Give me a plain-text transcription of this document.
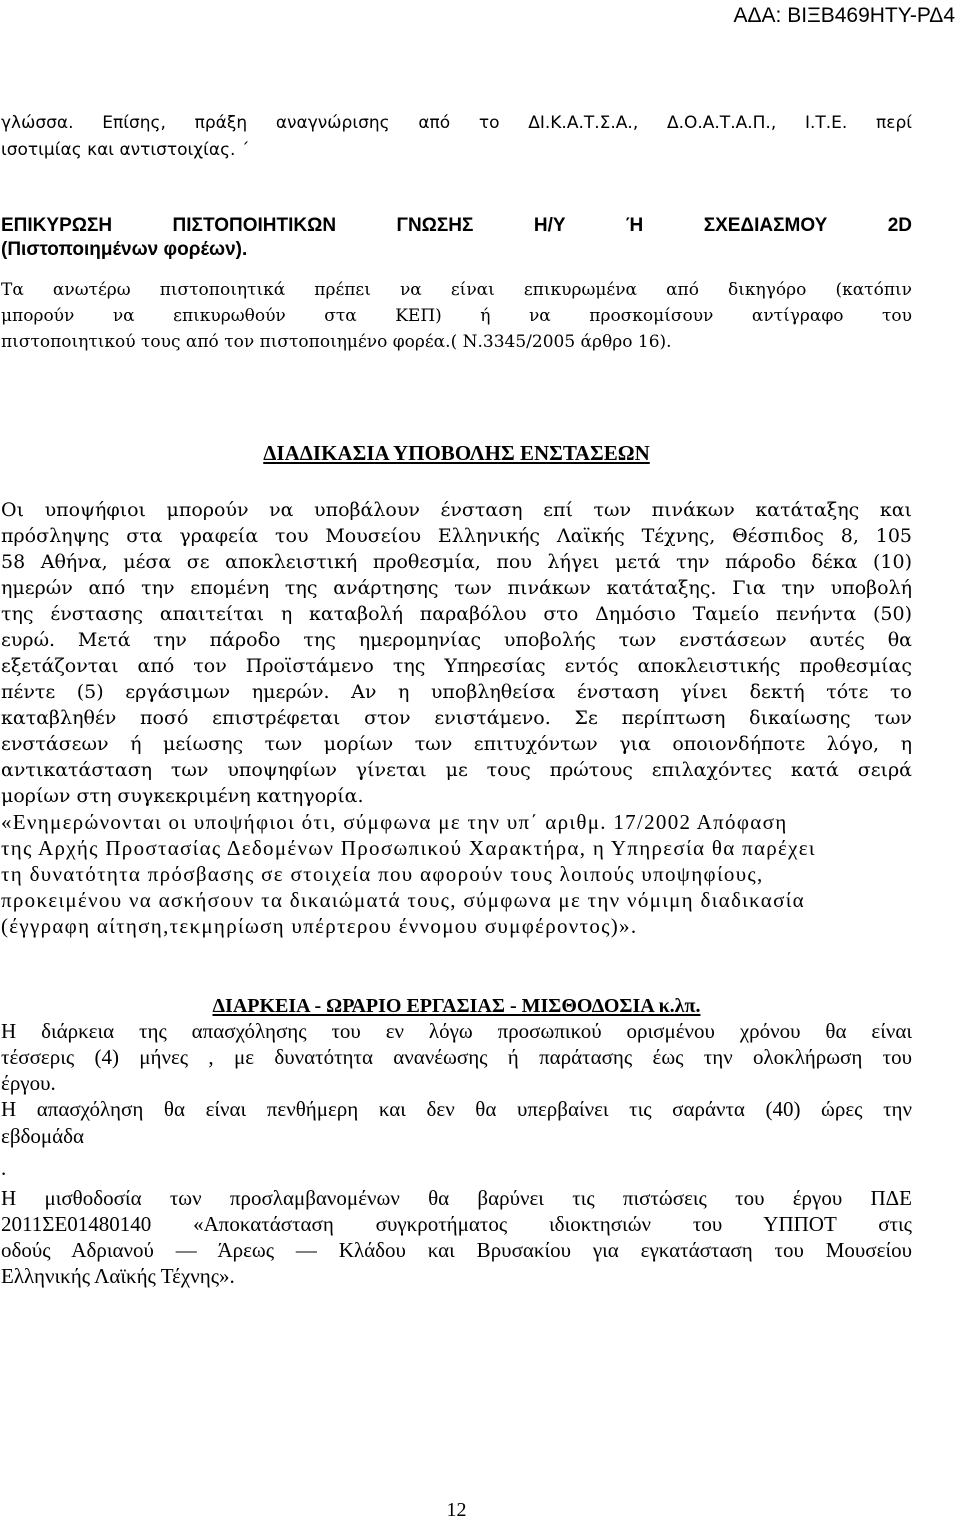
ΑΔΑ: ΒΙΞΒ469ΗΤΥ-ΡΔ4
γλώσσα. Επίσης, πράξη αναγνώρισης από το ΔΙ.Κ.Α.Τ.Σ.Α., Δ.Ο.Α.Τ.Α.Π., Ι.Τ.Ε. περί
ισοτιμίας και αντιστοιχίας. ΄
ΕΠΙΚΥΡΩΣΗ ΠΙΣΤΟΠΟΙΗΤΙΚΩΝ ΓΝΩΣΗΣ Η/Υ Ή ΣΧΕΔΙΑΣΜΟΥ 2D
(Πιστοποιημένων φορέων).
Τα ανωτέρω πιστοποιητικά πρέπει να είναι επικυρωμένα από δικηγόρο (κατόπιν
μπορούν να επικυρωθούν στα ΚΕΠ) ή να προσκομίσουν αντίγραφο του
πιστοποιητικού τους από τον πιστοποιημένο φορέα.( Ν.3345/2005 άρθρο 16).
ΔΙΑΔΙΚΑΣΙΑ ΥΠΟΒΟΛΗΣ ΕΝΣΤΑΣΕΩΝ
Οι υποψήφιοι μπορούν να υποβάλουν ένσταση επί των πινάκων κατάταξης και
πρόσληψης στα γραφεία του Μουσείου Ελληνικής Λαϊκής Τέχνης, Θέσπιδος 8, 105
58 Αθήνα, μέσα σε αποκλειστική προθεσμία, που λήγει μετά την πάροδο δέκα (10)
ημερών από την επομένη της ανάρτησης των πινάκων κατάταξης. Για την υποβολή
της ένστασης απαιτείται η καταβολή παραβόλου στο Δημόσιο Ταμείο πενήντα (50)
ευρώ. Μετά την πάροδο της ημερομηνίας υποβολής των ενστάσεων αυτές θα
εξετάζονται από τον Προϊστάμενο της Υπηρεσίας εντός αποκλειστικής προθεσμίας
πέντε (5) εργάσιμων ημερών. Αν η υποβληθείσα ένσταση γίνει δεκτή τότε το
καταβληθέν ποσό επιστρέφεται στον ενιστάμενο. Σε περίπτωση δικαίωσης των
ενστάσεων ή μείωσης των μορίων των επιτυχόντων για οποιονδήποτε λόγο, η
αντικατάσταση των υποψηφίων γίνεται με τους πρώτους επιλαχόντες κατά σειρά
μορίων στη συγκεκριμένη κατηγορία.
«Ενημερώνονται οι υποψήφιοι ότι, σύμφωνα με την υπ΄ αριθμ. 17/2002 Απόφαση
της Αρχής Προστασίας Δεδομένων Προσωπικού Χαρακτήρα, η Υπηρεσία θα παρέχει
τη δυνατότητα πρόσβασης σε στοιχεία που αφορούν τους λοιπούς υποψηφίους,
προκειμένου να ασκήσουν τα δικαιώματά τους, σύμφωνα με την νόμιμη διαδικασία
(έγγραφη αίτηση,τεκμηρίωση υπέρτερου έννομου συμφέροντος)».
ΔΙΑΡΚΕΙΑ - ΩΡΑΡΙΟ ΕΡΓΑΣΙΑΣ - ΜΙΣΘΟΔΟΣΙΑ κ.λπ.
Η διάρκεια της απασχόλησης του εν λόγω προσωπικού ορισμένου χρόνου θα είναι
τέσσερις (4) μήνες , με δυνατότητα ανανέωσης ή παράτασης έως την ολοκλήρωση του
έργου.
Η απασχόληση θα είναι πενθήμερη και δεν θα υπερβαίνει τις σαράντα (40) ώρες την
εβδομάδα
.
Η μισθοδοσία των προσλαμβανομένων θα βαρύνει τις πιστώσεις του έργου ΠΔΕ
2011ΣΕ01480140 «Αποκατάσταση συγκροτήματος ιδιοκτησιών του ΥΠΠΟΤ στις
οδούς Αδριανού — Άρεως — Κλάδου και Βρυσακίου για εγκατάσταση του Μουσείου
Ελληνικής Λαϊκής Τέχνης».
12
